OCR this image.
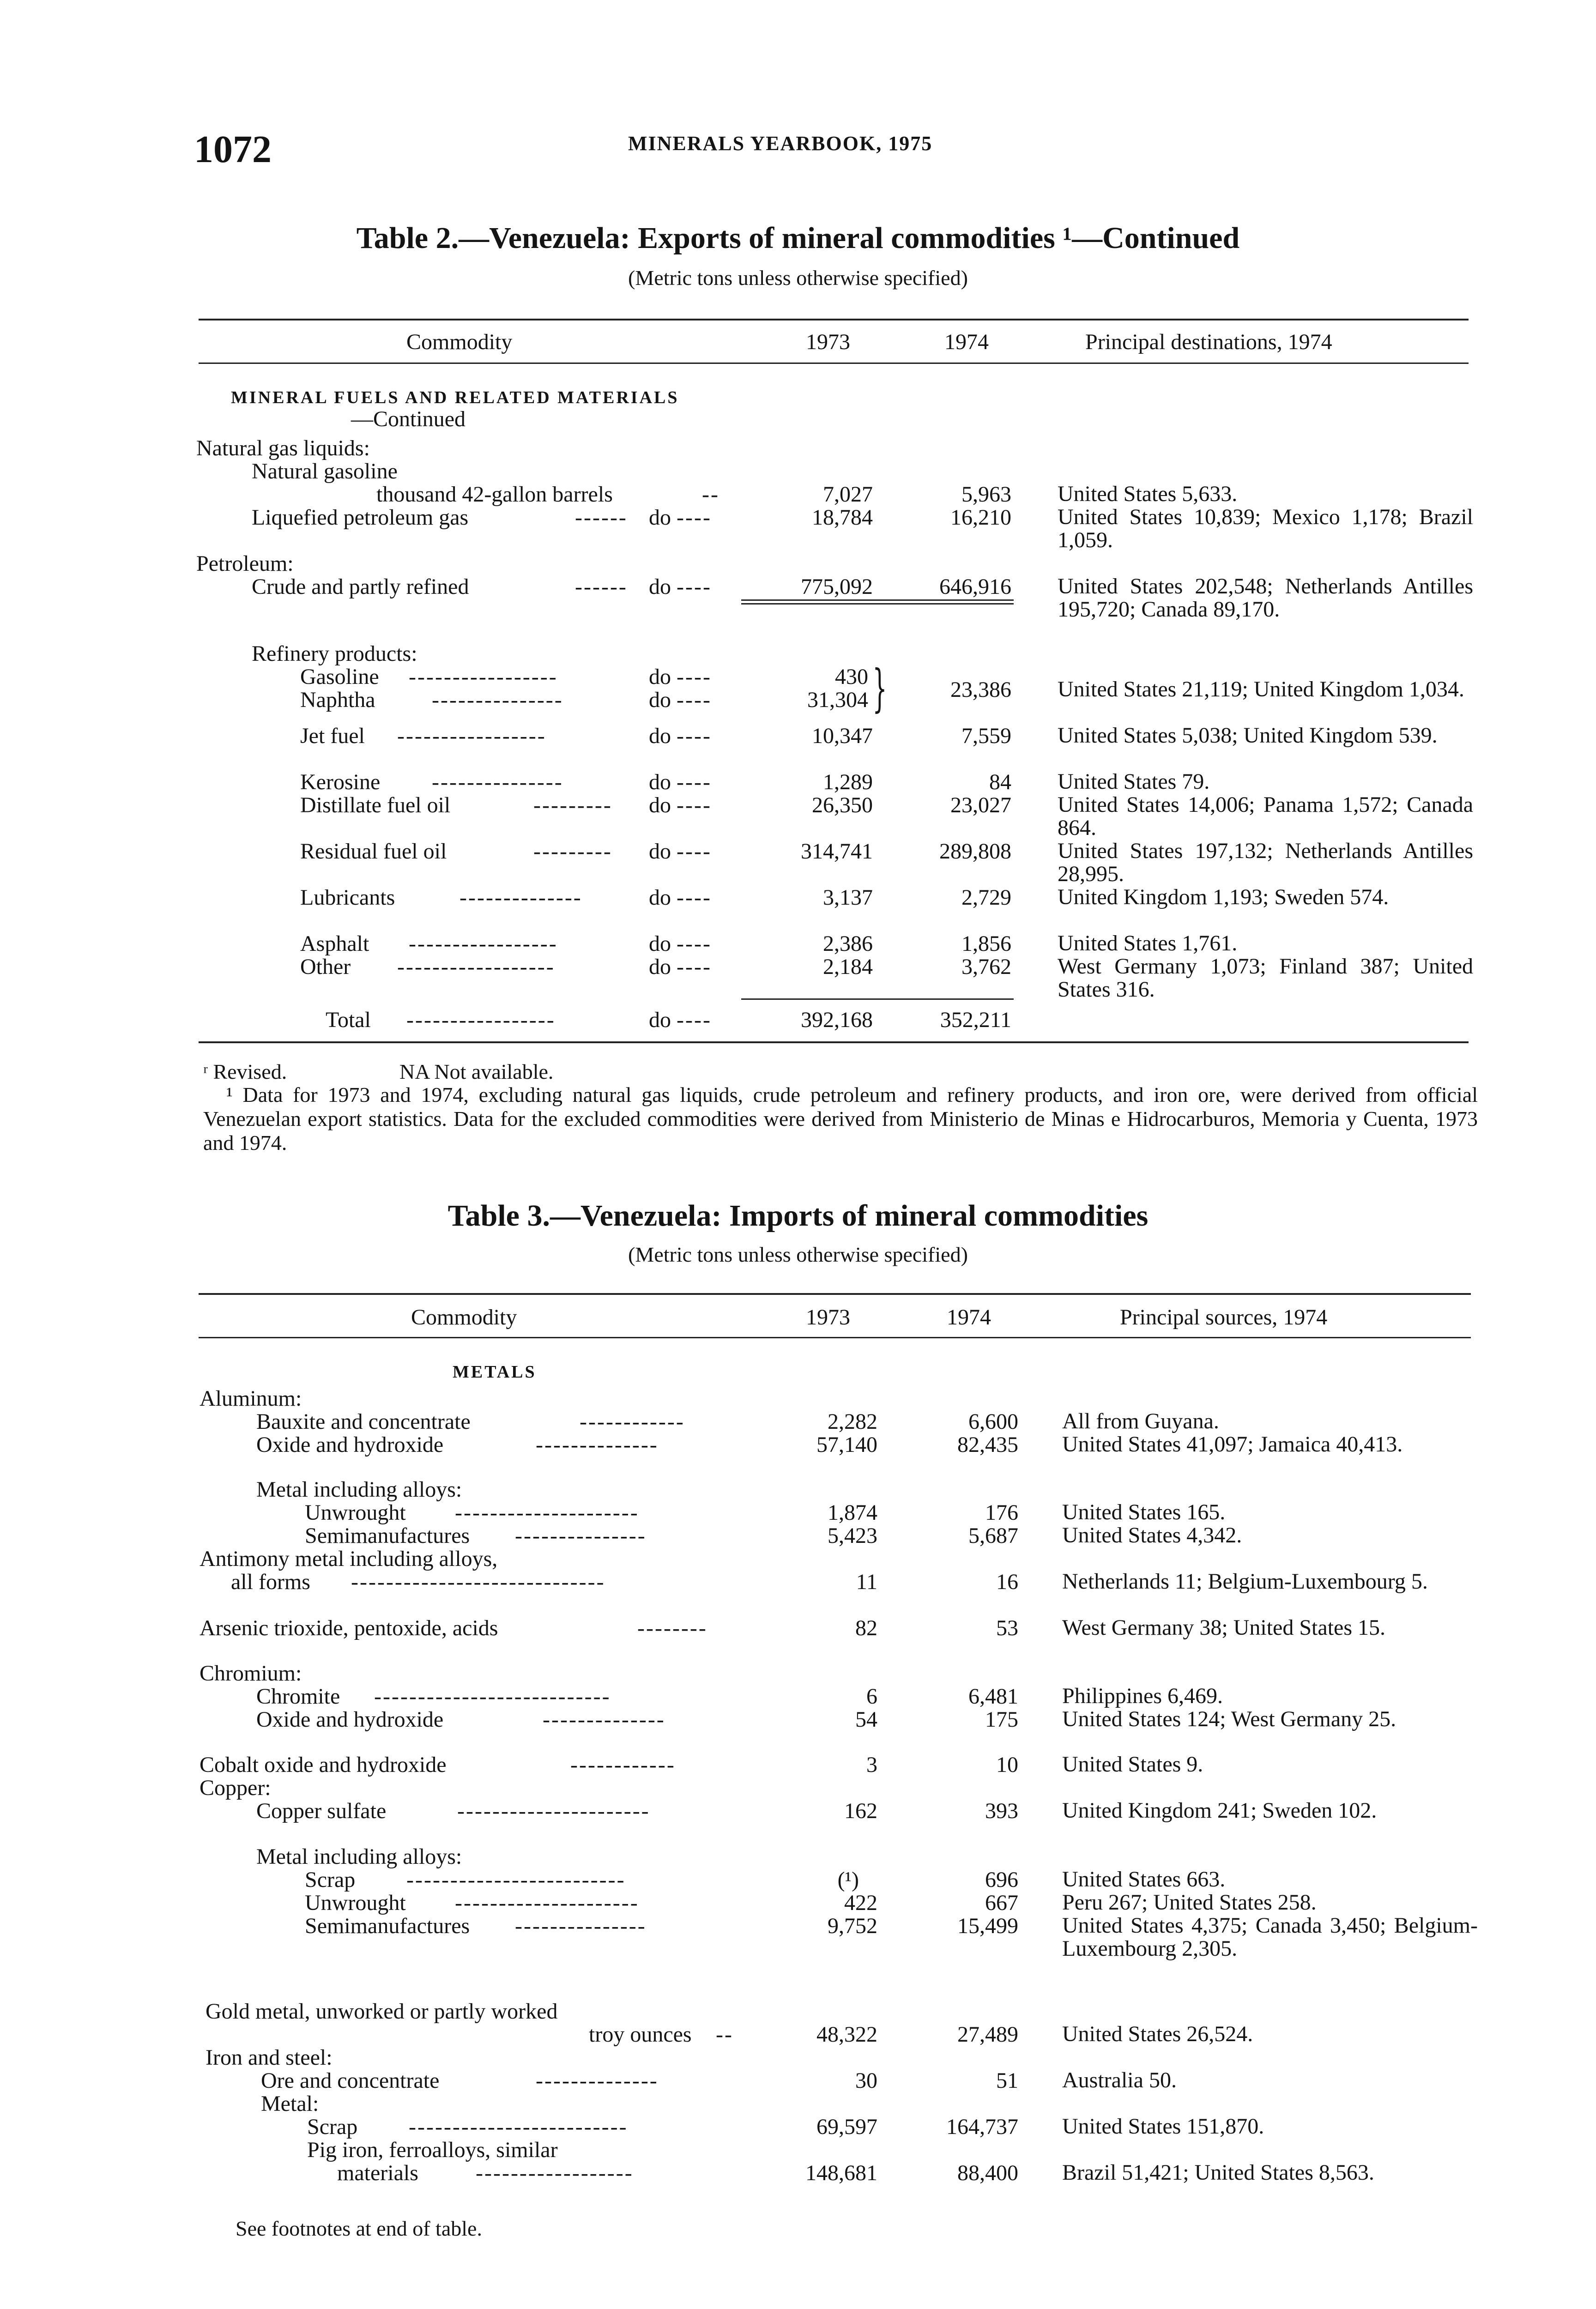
1072	MINERALS YEARBOOK, 1975
Table 2.—Venezuela: Exports of mineral commodities ¹—Continued
(Metric tons unless otherwise specified)
Commodity	1973	1974	Principal destinations, 1974
MINERAL FUELS AND RELATED MATERIALS
—Continued
Natural gas liquids:
Natural gasoline
thousand 42-gallon barrels	--	7,027	5,963 United States 5,633.
Liquefied petroleum gas	------ do ----	18,784	16,210 United States 10,839; Mexico 1,178; Brazil 1,059.
Petroleum:
Crude and partly refined	------ do ----	775,092	646,916 United States 202,548; Netherlands Antilles 195,720; Canada 89,170.
Refinery products:
Gasoline -----------------	do ----	430
Naphtha	---------------	do ----	31,304 }	23,386 United States 21,119; United Kingdom 1,034.
Jet fuel -----------------	do ----	10,347	7,559 United States 5,038; United Kingdom 539.
Kerosine ---------------	do ----	1,289	84 United States 79.
Distillate fuel oil	--------- do ----	26,350	23,027 United States 14,006; Panama 1,572; Canada 864.
Residual fuel oil	--------- do ----	314,741	289,808 United States 197,132; Netherlands Antilles 28,995.
Lubricants	--------------	do ----	3,137	2,729 United Kingdom 1,193; Sweden 574.
Asphalt -----------------	do ----	2,386	1,856 United States 1,761.
Other ------------------	do ----	2,184	3,762 West Germany 1,073; Finland 387; United States 316.
Total -----------------	do ----	392,168	352,211
ʳ Revised.	NA Not available.
¹ Data for 1973 and 1974, excluding natural gas liquids, crude petroleum and refinery products, and iron ore, were derived from official Venezuelan export statistics. Data for the excluded commodities were derived from Ministerio de Minas e Hidrocarburos, Memoria y Cuenta, 1973 and 1974.
Table 3.—Venezuela: Imports of mineral commodities
(Metric tons unless otherwise specified)
Commodity	1973	1974	Principal sources, 1974
METALS
Aluminum:
Bauxite and concentrate	------------	2,282	6,600 All from Guyana.
Oxide and hydroxide	--------------	57,140	82,435 United States 41,097; Jamaica 40,413.
Metal including alloys:
Unwrought ---------------------	1,874	176 United States 165.
Semimanufactures ---------------	5,423	5,687 United States 4,342.
Antimony metal including alloys,
all forms -----------------------------	11	16 Netherlands 11; Belgium-Luxembourg 5.
Arsenic trioxide, pentoxide, acids	--------	82	53 West Germany 38; United States 15.
Chromium:
Chromite ---------------------------	6	6,481 Philippines 6,469.
Oxide and hydroxide	--------------	54	175 United States 124; West Germany 25.
Cobalt oxide and hydroxide	------------	3	10 United States 9.
Copper:
Copper sulfate	----------------------	162	393 United Kingdom 241; Sweden 102.
Metal including alloys:
Scrap -------------------------	(¹)	696 United States 663.
Unwrought ---------------------	422	667 Peru 267; United States 258.
Semimanufactures ---------------	9,752	15,499 United States 4,375; Canada 3,450; Belgium-Luxembourg 2,305.
Gold metal, unworked or partly worked
troy ounces --	48,322	27,489 United States 26,524.
Iron and steel:
Ore and concentrate	--------------	30	51 Australia 50.
Metal:
Scrap -------------------------	69,597	164,737 United States 151,870.
Pig iron, ferroalloys, similar
materials	------------------	148,681	88,400 Brazil 51,421; United States 8,563.
See footnotes at end of table.
